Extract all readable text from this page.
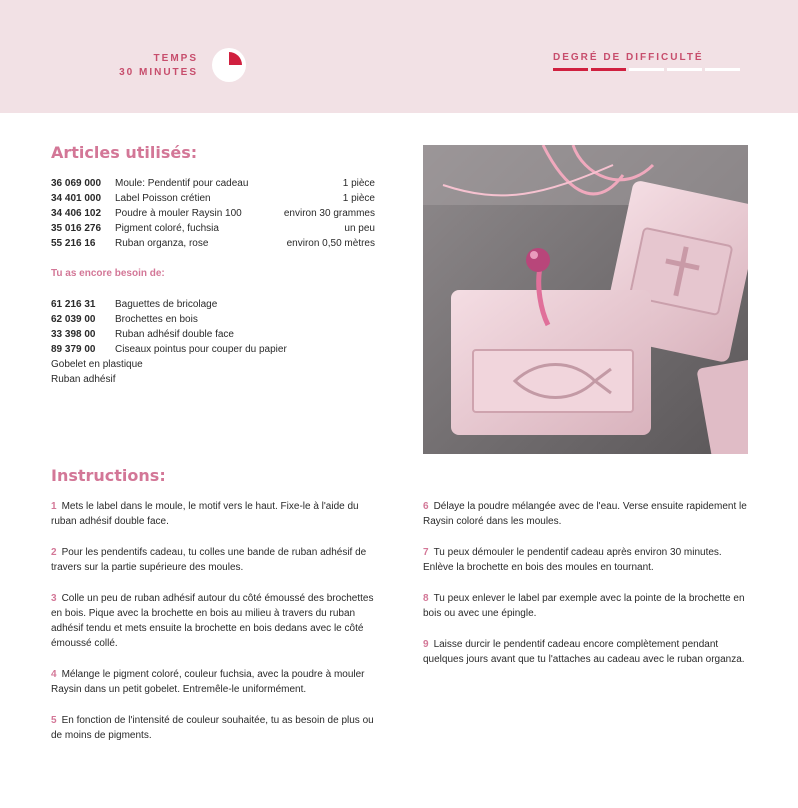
TEMPS
30 MINUTES
DEGRÉ DE DIFFICULTÉ
Articles utilisés:
36 069 000	Moule: Pendentif pour cadeau	1 pièce
34 401 000	Label Poisson crétien	1 pièce
34 406 102	Poudre à mouler Raysin 100	environ 30 grammes
35 016 276	Pigment coloré, fuchsia	un peu
55 216 16	Ruban organza, rose	environ 0,50 mètres
Tu as encore besoin de:
61 216 31	Baguettes de bricolage
62 039 00	Brochettes en bois
33 398 00	Ruban adhésif double face
89 379 00	Ciseaux pointus pour couper du papier
Gobelet en plastique
Ruban adhésif
Instructions:

1 Mets le label dans le moule, le motif vers le haut. Fixe-le à l'aide du ruban adhésif double face.

2 Pour les pendentifs cadeau, tu colles une bande de ruban adhésif de travers sur la partie supérieure des moules.

3 Colle un peu de ruban adhésif autour du côté émoussé des brochettes en bois. Pique avec la brochette en bois au milieu à travers du ruban adhésif tendu et mets ensuite la brochette en bois dedans avec le côté émoussé collé.

4 Mélange le pigment coloré, couleur fuchsia, avec la poudre à mouler Raysin dans un petit gobelet. Entremêle-le uniformément.

5 En fonction de l'intensité de couleur souhaitée, tu as besoin de plus ou de moins de pigments.

6 Délaye la poudre mélangée avec de l'eau. Verse ensuite rapidement le Raysin coloré dans les moules.

7 Tu peux démouler le pendentif cadeau après environ 30 minutes. Enlève la brochette en bois des moules en tournant.

8 Tu peux enlever le label par exemple avec la pointe de la brochette en bois ou avec une épingle.

9 Laisse durcir le pendentif cadeau encore complètement pendant quelques jours avant que tu l'attaches au cadeau avec le ruban organza.
